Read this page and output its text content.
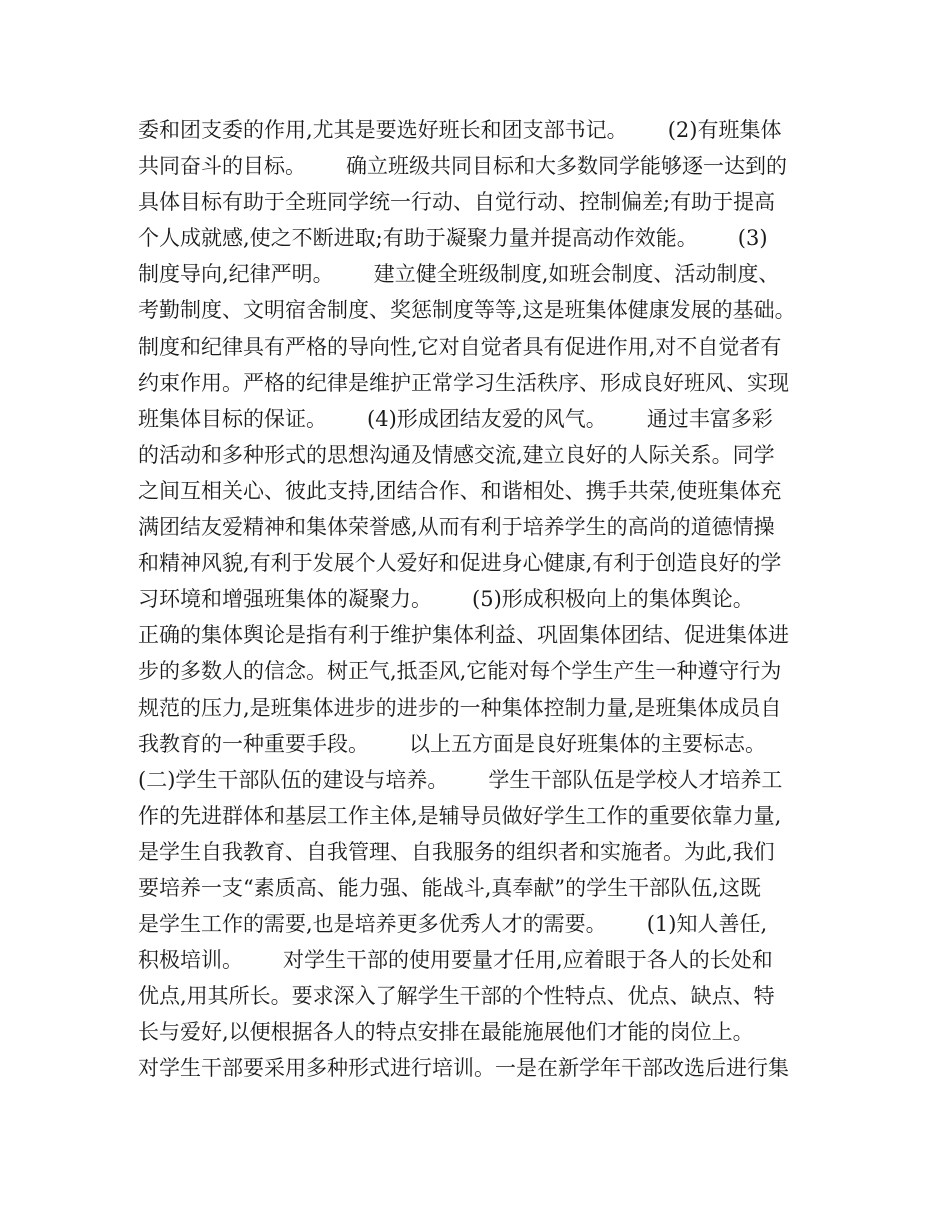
委和团支委的作用,尤其是要选好班长和团支部书记。      (2)有班集体
共同奋斗的目标。      确立班级共同目标和大多数同学能够逐一达到的
具体目标有助于全班同学统一行动、自觉行动、控制偏差;有助于提高
个人成就感,使之不断进取;有助于凝聚力量并提高动作效能。      (3)
制度导向,纪律严明。      建立健全班级制度,如班会制度、活动制度、
考勤制度、文明宿舍制度、奖惩制度等等,这是班集体健康发展的基础。
制度和纪律具有严格的导向性,它对自觉者具有促进作用,对不自觉者有
约束作用。严格的纪律是维护正常学习生活秩序、形成良好班风、实现
班集体目标的保证。      (4)形成团结友爱的风气。      通过丰富多彩
的活动和多种形式的思想沟通及情感交流,建立良好的人际关系。同学
之间互相关心、彼此支持,团结合作、和谐相处、携手共荣,使班集体充
满团结友爱精神和集体荣誉感,从而有利于培养学生的高尚的道德情操
和精神风貌,有利于发展个人爱好和促进身心健康,有利于创造良好的学
习环境和增强班集体的凝聚力。      (5)形成积极向上的集体舆论。
正确的集体舆论是指有利于维护集体利益、巩固集体团结、促进集体进
步的多数人的信念。树正气,抵歪风,它能对每个学生产生一种遵守行为
规范的压力,是班集体进步的进步的一种集体控制力量,是班集体成员自
我教育的一种重要手段。      以上五方面是良好班集体的主要标志。
(二)学生干部队伍的建设与培养。      学生干部队伍是学校人才培养工
作的先进群体和基层工作主体,是辅导员做好学生工作的重要依靠力量,
是学生自我教育、自我管理、自我服务的组织者和实施者。为此,我们
要培养一支“素质高、能力强、能战斗,真奉献”的学生干部队伍,这既
是学生工作的需要,也是培养更多优秀人才的需要。      (1)知人善任,
积极培训。      对学生干部的使用要量才任用,应着眼于各人的长处和
优点,用其所长。要求深入了解学生干部的个性特点、优点、缺点、特
长与爱好,以便根据各人的特点安排在最能施展他们才能的岗位上。
对学生干部要采用多种形式进行培训。一是在新学年干部改选后进行集
